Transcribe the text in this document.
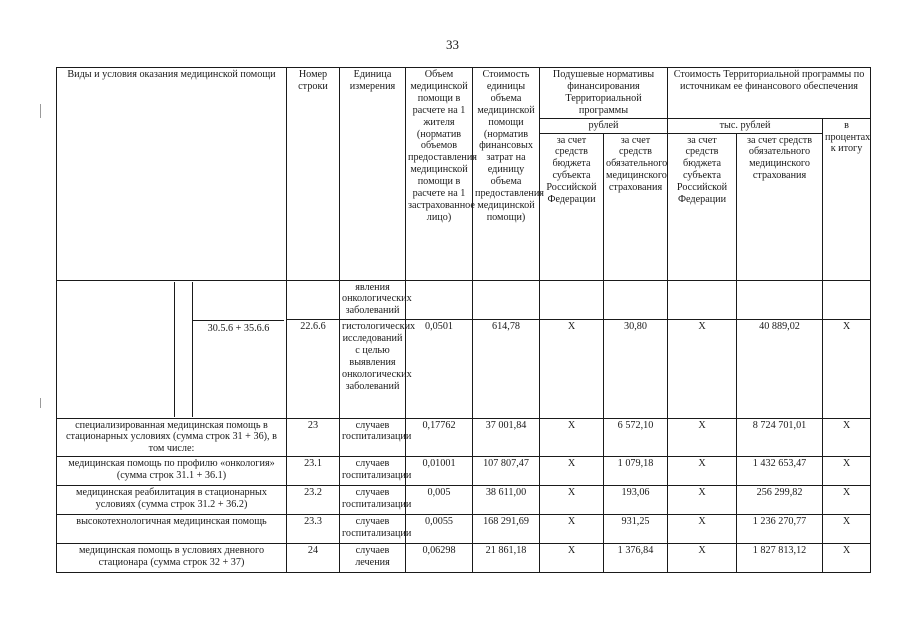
33
Виды и условия оказания медицинской помощи	Номер строки	Единица измерения	Объем медицинской помощи в расчете на 1 жителя (норматив объемов предоставления медицинской помощи в расчете на 1 застрахованное лицо)	Стоимость единицы объема медицинской помощи (норматив финансовых затрат на единицу объема предоставления медицинской помощи)	Подушевые нормативы финансирования Территориальной программы		Стоимость Территориальной программы по источникам ее финансового обеспечения		
					рублей		тыс. рублей		в процентах к итогу
					за счет средств бюджета субъекта Российской Федерации	за счет средств обязательного медицинского страхования	за счет средств бюджета субъекта Российской Федерации	за счет средств обязательного медицинского страхования	

30.5.6 + 35.6.6		явления онкологических заболеваний							
	22.6.6	гистологических исследований с целью выявления онкологических заболеваний	0,0501	614,78	X	30,80	X	40 889,02	X
специализированная медицинская помощь в стационарных условиях (сумма строк 31 + 36), в том числе:	23	случаев госпитализации	0,17762	37 001,84	X	6 572,10	X	8 724 701,01	X
медицинская помощь по профилю «онкология» (сумма строк 31.1 + 36.1)	23.1	случаев госпитализации	0,01001	107 807,47	X	1 079,18	X	1 432 653,47	X
медицинская реабилитация в стационарных условиях (сумма строк 31.2 + 36.2)	23.2	случаев госпитализации	0,005	38 611,00	X	193,06	X	256 299,82	X
высокотехнологичная медицинская помощь	23.3	случаев госпитализации	0,0055	168 291,69	X	931,25	X	1 236 270,77	X
медицинская помощь в условиях дневного стационара (сумма строк 32 + 37)	24	случаев лечения	0,06298	21 861,18	X	1 376,84	X	1 827 813,12	X
